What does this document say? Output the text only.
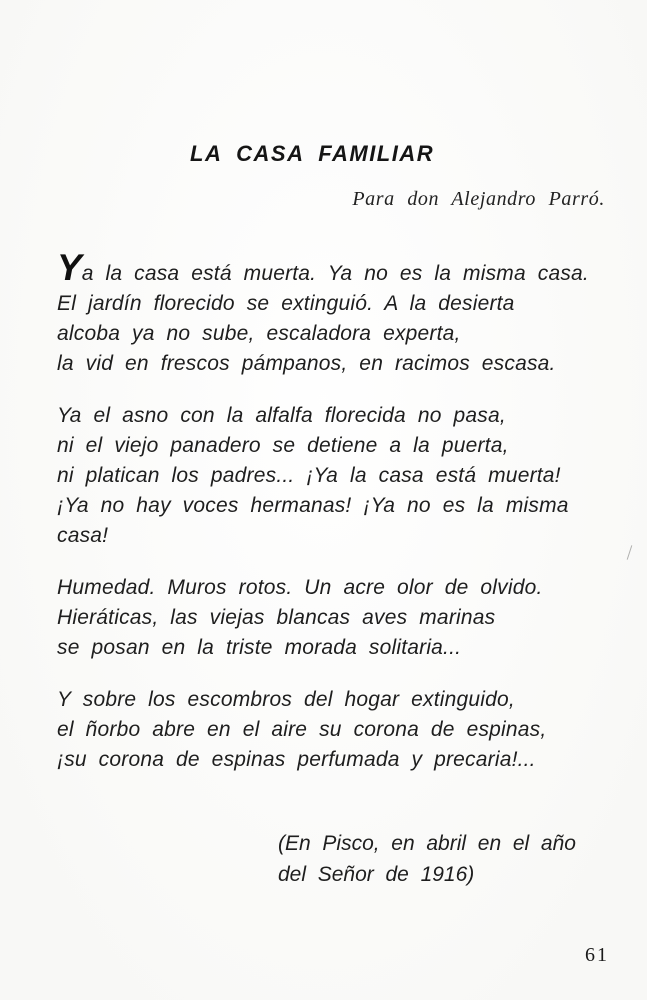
LA CASA FAMILIAR
Para don Alejandro Parró.
Ya la casa está muerta. Ya no es la misma casa.
El jardín florecido se extinguió. A la desierta
alcoba ya no sube, escaladora experta,
la vid en frescos pámpanos, en racimos escasa.
Ya el asno con la alfalfa florecida no pasa,
ni el viejo panadero se detiene a la puerta,
ni platican los padres... ¡Ya la casa está muerta!
¡Ya no hay voces hermanas! ¡Ya no es la misma
casa!
Humedad. Muros rotos. Un acre olor de olvido.
Hieráticas, las viejas blancas aves marinas
se posan en la triste morada solitaria...
Y sobre los escombros del hogar extinguido,
el ñorbo abre en el aire su corona de espinas,
¡su corona de espinas perfumada y precaria!...
(En Pisco, en abril en el año
del Señor de 1916)
61
